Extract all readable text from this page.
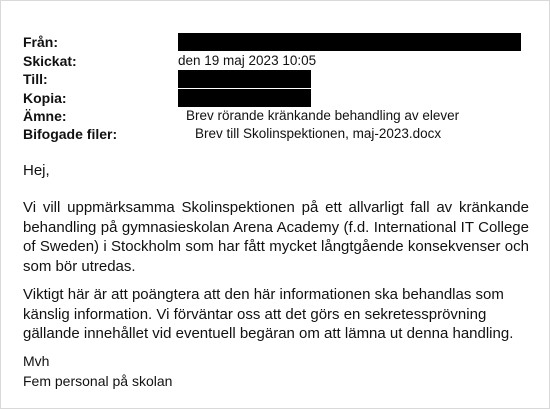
Från:
Skickat:	den 19 maj 2023 10:05
Till:
Kopia:
Ämne:	Brev rörande kränkande behandling av elever
Bifogade filer:	Brev till Skolinspektionen, maj-2023.docx
Hej,
Vi vill uppmärksamma Skolinspektionen på ett allvarligt fall av kränkande behandling på gymnasieskolan Arena Academy (f.d. International IT College of Sweden) i Stockholm som har fått mycket långtgående konsekvenser och som bör utredas.
Viktigt här är att poängtera att den här informationen ska behandlas som känslig information. Vi förväntar oss att det görs en sekretessprövning gällande innehållet vid eventuell begäran om att lämna ut denna handling.
Mvh
Fem personal på skolan
